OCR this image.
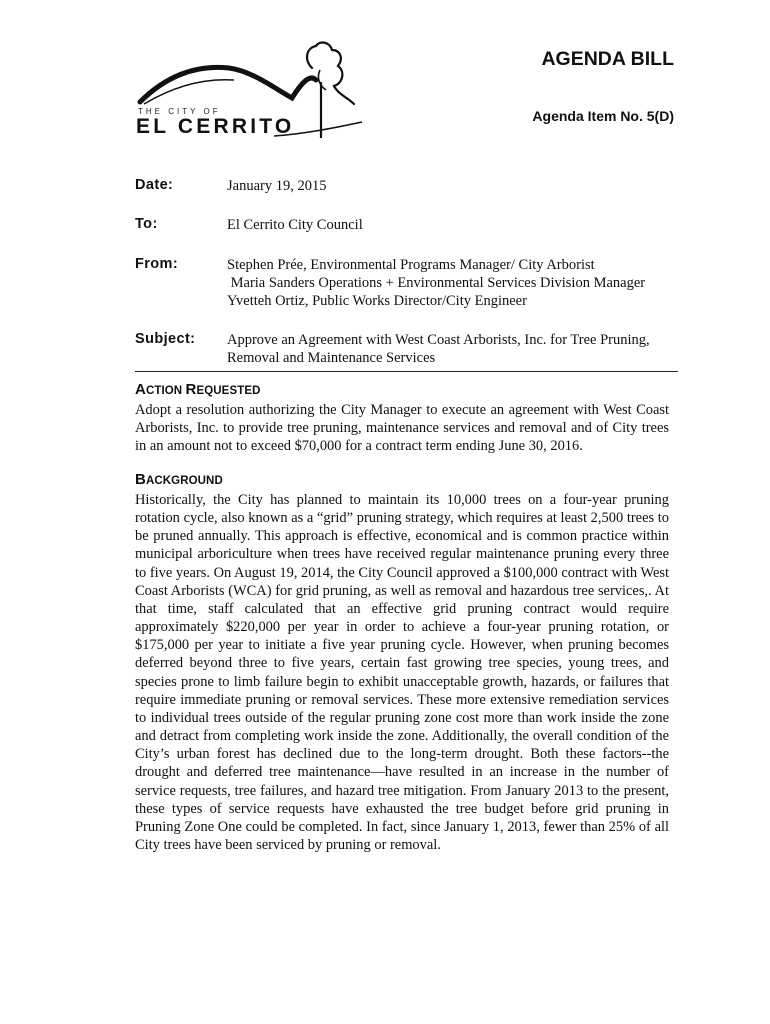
THE CITY OF
EL CERRITO
AGENDA BILL
Agenda Item No. 5(D)
Date:	January 19, 2015
To:	El Cerrito City Council
From:	Stephen Prée, Environmental Programs Manager/ City Arborist
Maria Sanders Operations + Environmental Services Division Manager
Yvetteh Ortiz, Public Works Director/City Engineer
Subject: Approve an Agreement with West Coast Arborists, Inc. for Tree Pruning,
Removal and Maintenance Services
ACTION REQUESTED
Adopt a resolution authorizing the City Manager to execute an agreement with West Coast Arborists, Inc. to provide tree pruning, maintenance services and removal and of City trees in an amount not to exceed $70,000 for a contract term ending June 30, 2016.
BACKGROUND
Historically, the City has planned to maintain its 10,000 trees on a four-year pruning rotation cycle, also known as a “grid” pruning strategy, which requires at least 2,500 trees to be pruned annually. This approach is effective, economical and is common practice within municipal arboriculture when trees have received regular maintenance pruning every three to five years. On August 19, 2014, the City Council approved a $100,000 contract with West Coast Arborists (WCA) for grid pruning, as well as removal and hazardous tree services,. At that time, staff calculated that an effective grid pruning contract would require approximately $220,000 per year in order to achieve a four-year pruning rotation, or $175,000 per year to initiate a five year pruning cycle. However, when pruning becomes deferred beyond three to five years, certain fast growing tree species, young trees, and species prone to limb failure begin to exhibit unacceptable growth, hazards, or failures that require immediate pruning or removal services. These more extensive remediation services to individual trees outside of the regular pruning zone cost more than work inside the zone and detract from completing work inside the zone. Additionally, the overall condition of the City’s urban forest has declined due to the long-term drought. Both these factors--the drought and deferred tree maintenance—have resulted in an increase in the number of service requests, tree failures, and hazard tree mitigation. From January 2013 to the present, these types of service requests have exhausted the tree budget before grid pruning in Pruning Zone One could be completed. In fact, since January 1, 2013, fewer than 25% of all City trees have been serviced by pruning or removal.
